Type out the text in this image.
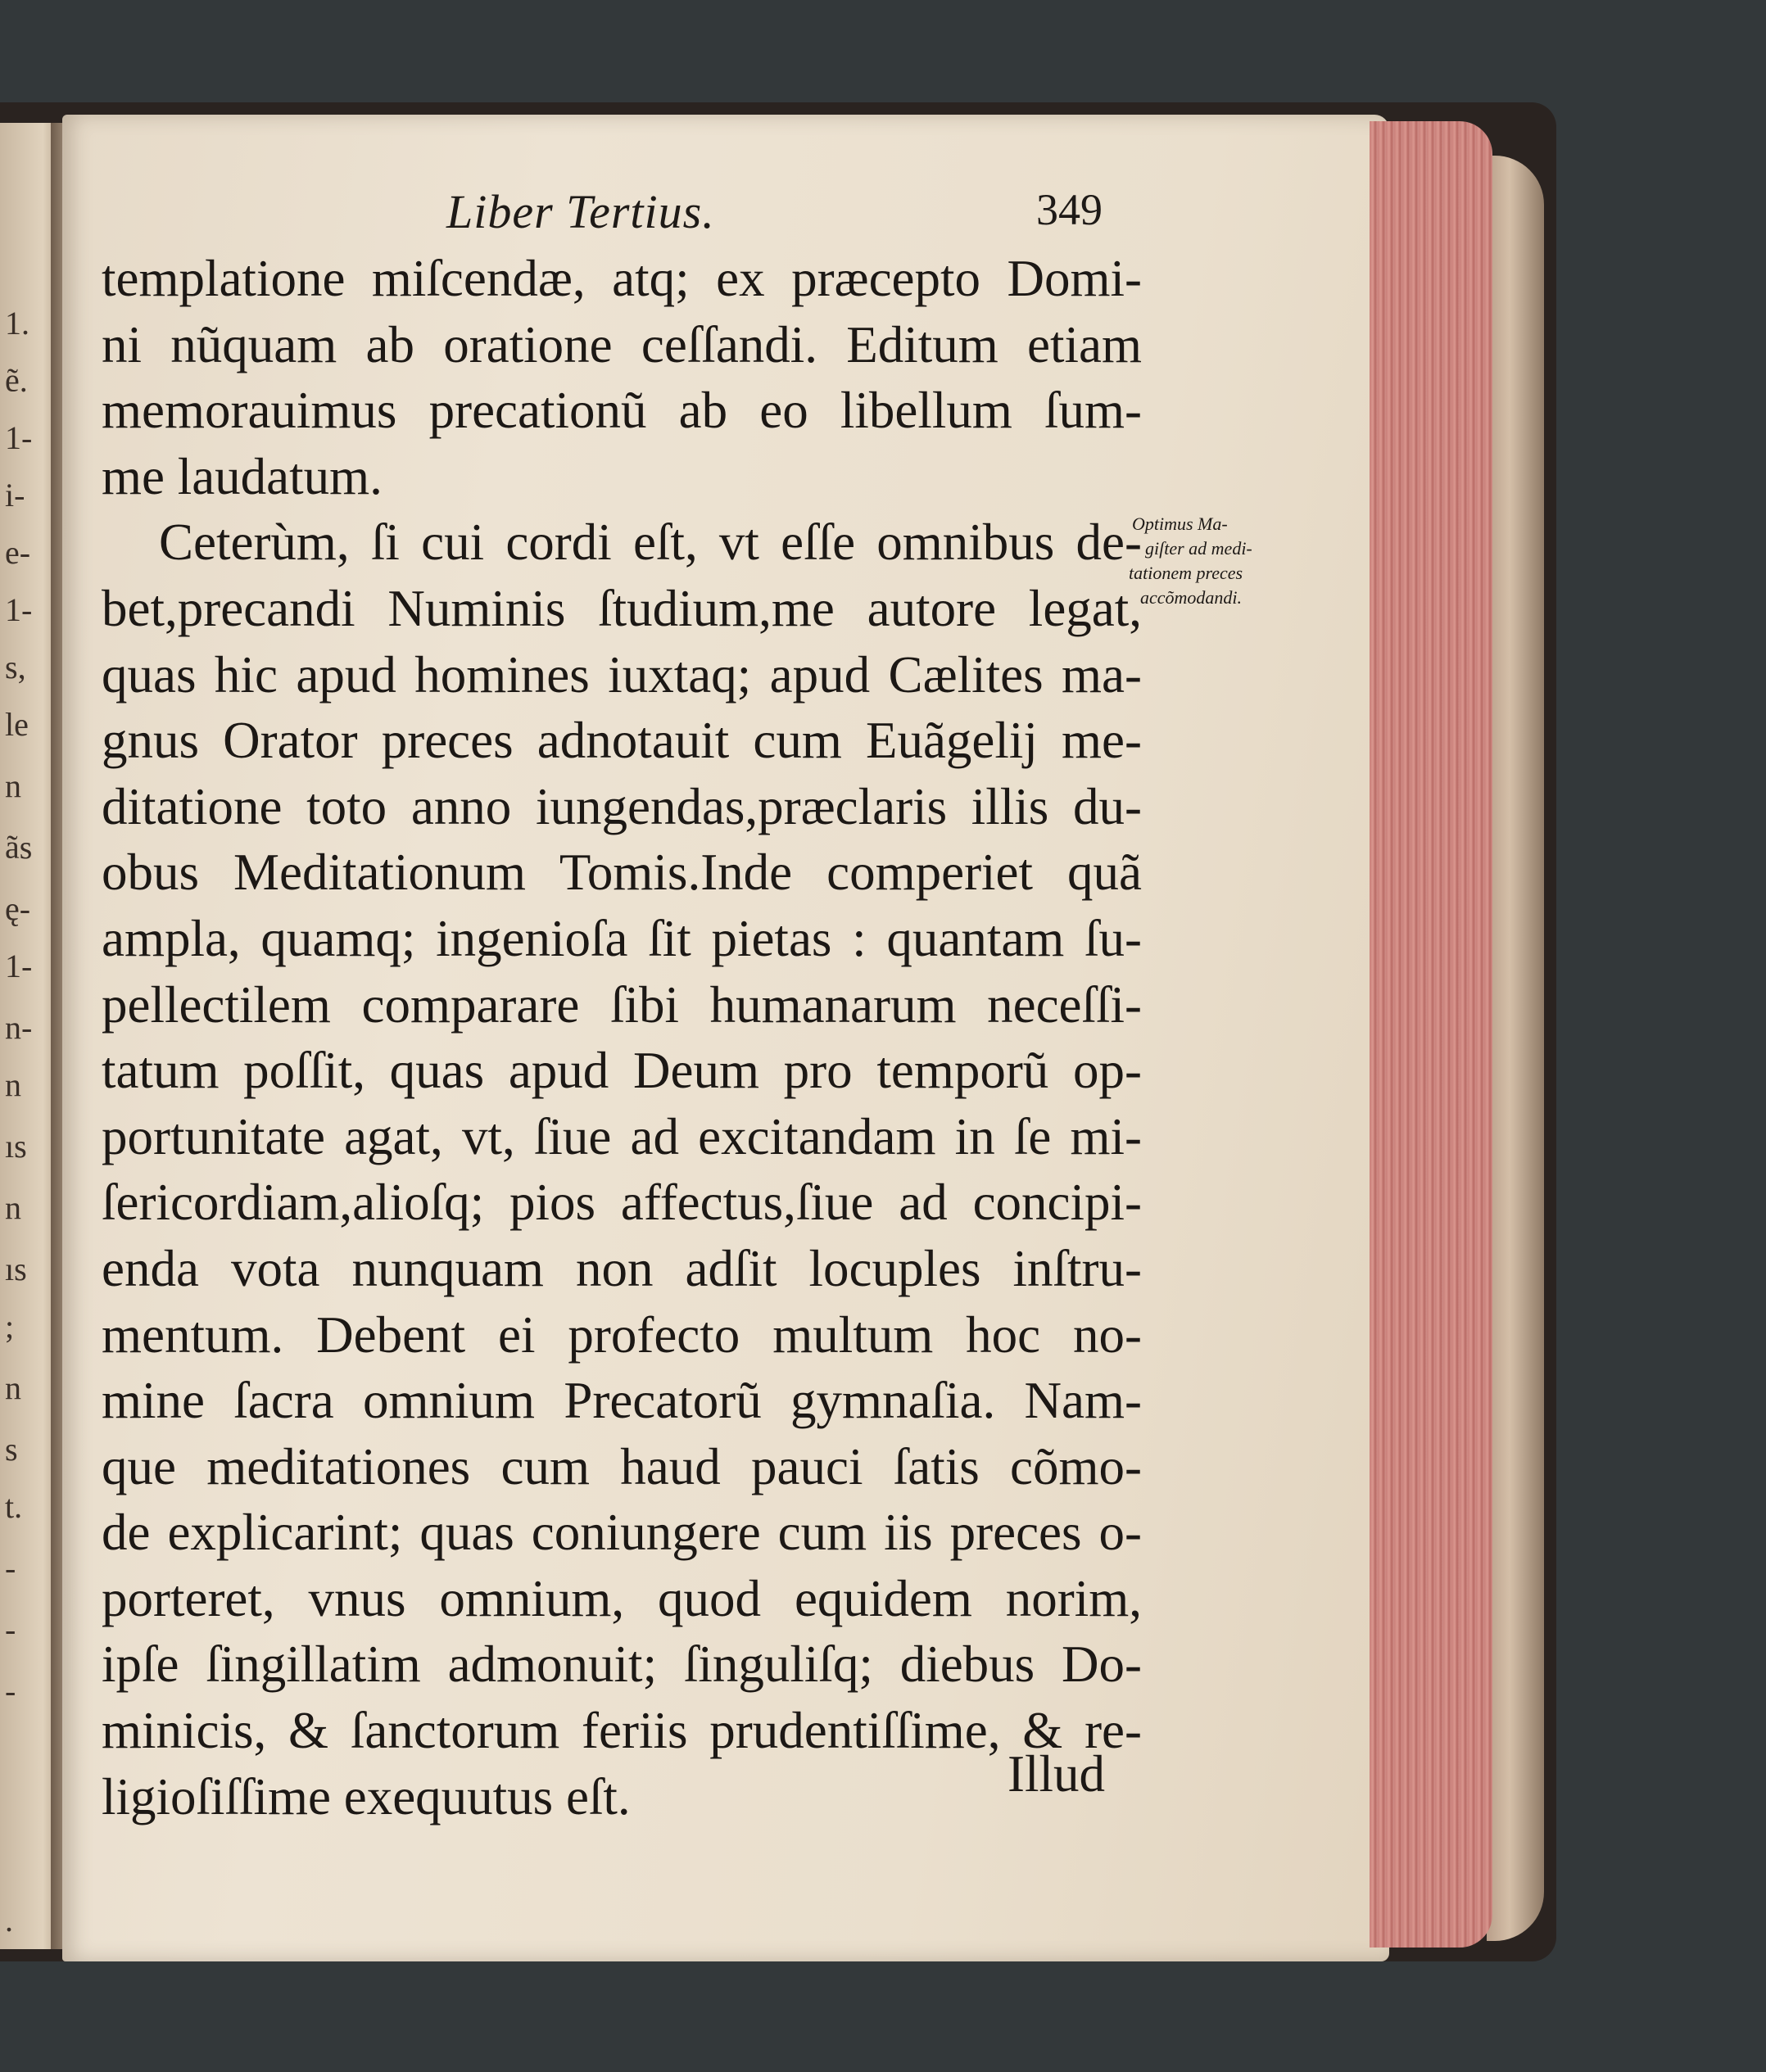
1.
ẽ.
1-
i-
e-
1-
s,
le
n
ãs
ę-
1-
n-
n
ıs
n
ıs
;
n
s
t.
-
-
-
.
Liber Tertius.	349
templatione miſcendæ, atq; ex præcepto Domi-
ni nũquam ab oratione ceſſandi. Editum etiam
memorauimus precationũ ab eo libellum ſum-
me laudatum.
Ceterùm, ſi cui cordi eſt, vt eſſe omnibus de-
bet,precandi Numinis ſtudium,me autore legat,
quas hic apud homines iuxtaq; apud Cælites ma-
gnus Orator preces adnotauit cum Euãgelij me-
ditatione toto anno iungendas,præclaris illis du-
obus Meditationum Tomis.Inde comperiet quã
ampla, quamq; ingenioſa ſit pietas : quantam ſu-
pellectilem comparare ſibi humanarum neceſſi-
tatum poſſit, quas apud Deum pro temporũ op-
portunitate agat, vt, ſiue ad excitandam in ſe mi-
ſericordiam,alioſq; pios affectus,ſiue ad concipi-
enda vota nunquam non adſit locuples inſtru-
mentum. Debent ei profecto multum hoc no-
mine ſacra omnium Precatorũ gymnaſia. Nam-
que meditationes cum haud pauci ſatis cõmo-
de explicarint; quas coniungere cum iis preces o-
porteret, vnus omnium, quod equidem norim,
ipſe ſingillatim admonuit; ſinguliſq; diebus Do-
minicis, & ſanctorum feriis prudentiſſime, & re-
ligioſiſſime exequutus eſt.	Illud
Optimus Ma-
giſter ad medi-
tationem preces
accõmodandi.
